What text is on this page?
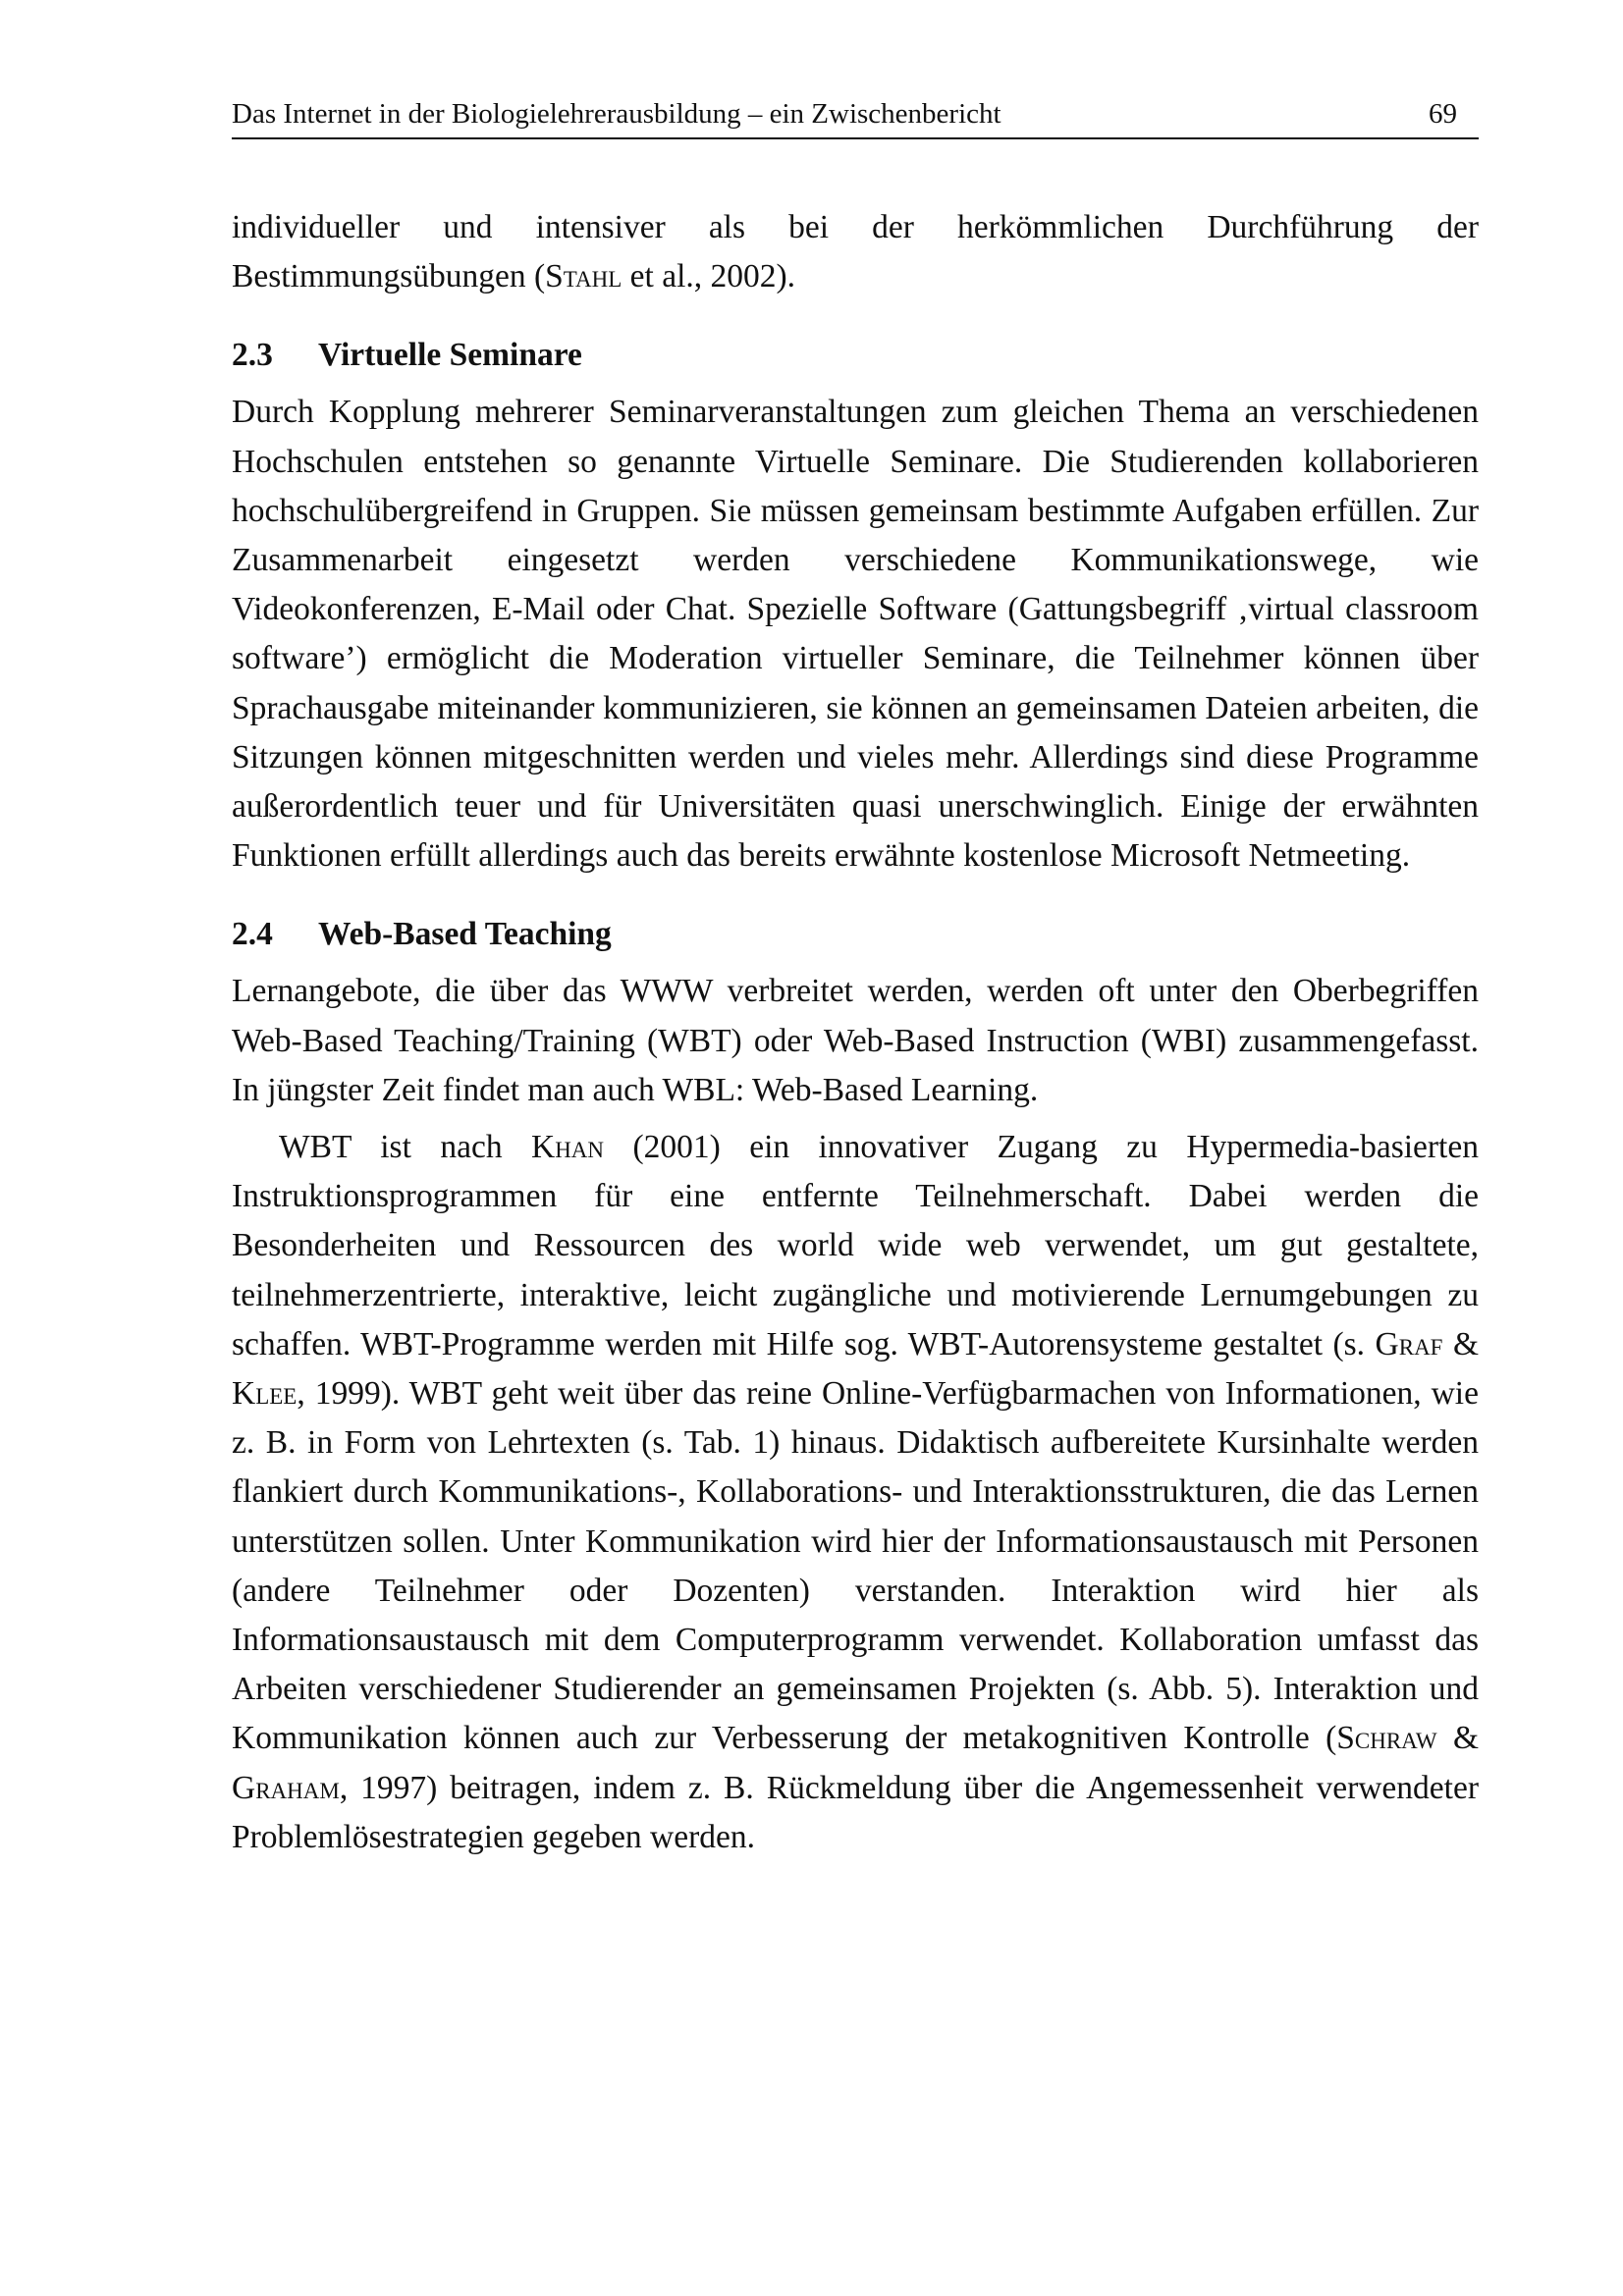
Das Internet in der Biologielehrerausbildung – ein Zwischenbericht	69

individueller und intensiver als bei der herkömmlichen Durchführung der Bestimmungsübungen (Stahl et al., 2002).

2.3 Virtuelle Seminare

Durch Kopplung mehrerer Seminarveranstaltungen zum gleichen Thema an verschiedenen Hochschulen entstehen so genannte Virtuelle Seminare. Die Studierenden kollaborieren hochschulübergreifend in Gruppen. Sie müssen gemeinsam bestimmte Aufgaben erfüllen. Zur Zusammenarbeit eingesetzt werden verschiedene Kommunikationswege, wie Videokonferenzen, E-Mail oder Chat. Spezielle Software (Gattungsbegriff ‚virtual classroom software’) ermöglicht die Moderation virtueller Seminare, die Teilnehmer können über Sprachausgabe miteinander kommunizieren, sie können an gemeinsamen Dateien arbeiten, die Sitzungen können mitgeschnitten werden und vieles mehr. Allerdings sind diese Programme außerordentlich teuer und für Universitäten quasi unerschwinglich. Einige der erwähnten Funktionen erfüllt allerdings auch das bereits erwähnte kostenlose Microsoft Netmeeting.

2.4 Web-Based Teaching

Lernangebote, die über das WWW verbreitet werden, werden oft unter den Oberbegriffen Web-Based Teaching/Training (WBT) oder Web-Based Instruction (WBI) zusammengefasst. In jüngster Zeit findet man auch WBL: Web-Based Learning.

WBT ist nach Khan (2001) ein innovativer Zugang zu Hypermedia-basierten Instruktionsprogrammen für eine entfernte Teilnehmerschaft. Dabei werden die Besonderheiten und Ressourcen des world wide web verwendet, um gut gestaltete, teilnehmerzentrierte, interaktive, leicht zugängliche und motivierende Lernumgebungen zu schaffen. WBT-Programme werden mit Hilfe sog. WBT-Autorensysteme gestaltet (s. Graf & Klee, 1999). WBT geht weit über das reine Online-Verfügbarmachen von Informationen, wie z. B. in Form von Lehrtexten (s. Tab. 1) hinaus. Didaktisch aufbereitete Kursinhalte werden flankiert durch Kommunikations-, Kollaborations- und Interaktionsstrukturen, die das Lernen unterstützen sollen. Unter Kommunikation wird hier der Informationsaustausch mit Personen (andere Teilnehmer oder Dozenten) verstanden. Interaktion wird hier als Informationsaustausch mit dem Computerprogramm verwendet. Kollaboration umfasst das Arbeiten verschiedener Studierender an gemeinsamen Projekten (s. Abb. 5). Interaktion und Kommunikation können auch zur Verbesserung der metakognitiven Kontrolle (Schraw & Graham, 1997) beitragen, indem z. B. Rückmeldung über die Angemessenheit verwendeter Problemlösestrategien gegeben werden.
